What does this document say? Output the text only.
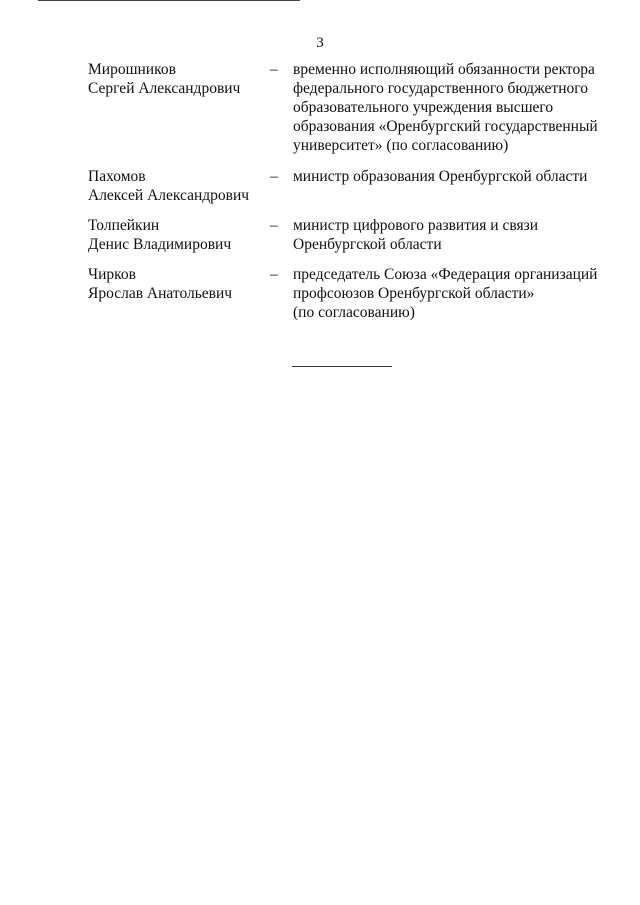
3
Мирошников
Сергей Александрович
– временно исполняющий обязанности ректора
федерального государственного бюджетного
образовательного учреждения высшего
образования «Оренбургский государственный
университет» (по согласованию)
Пахомов
Алексей Александрович
– министр образования Оренбургской области
Толпейкин
Денис Владимирович
– министр цифрового развития и связи
Оренбургской области
Чирков
Ярослав Анатольевич
– председатель Союза «Федерация организаций
профсоюзов Оренбургской области»
(по согласованию)
